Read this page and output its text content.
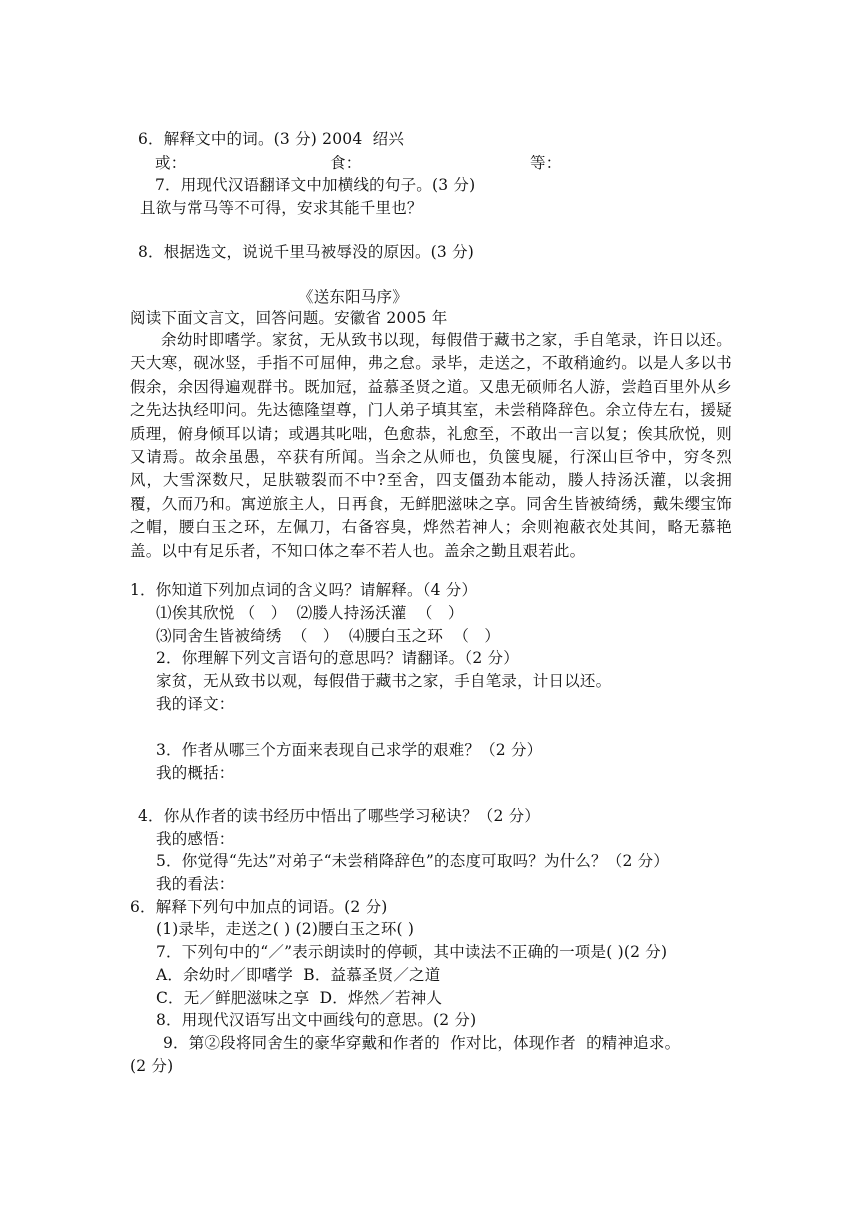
6．解释文中的词。(3 分) 2004  绍兴
或：	食：	等：
7．用现代汉语翻译文中加横线的句子。(3 分)
且欲与常马等不可得，安求其能千里也？
8．根据选文，说说千里马被辱没的原因。(3 分)
《送东阳马序》
阅读下面文言文，回答问题。安徽省 2005 年
余幼时即嗜学。家贫，无从致书以现，每假借于藏书之家，手自笔录，许日以还。天大寒，砚冰竖，手指不可屈伸，弗之怠。录毕，走送之，不敢稍逾约。以是人多以书假余，余因得遍观群书。既加冠，益慕圣贤之道。又患无硕师名人游，尝趋百里外从乡之先达执经叩问。先达德隆望尊，门人弟子填其室，未尝稍降辞色。余立侍左右，援疑质理，俯身倾耳以请；或遇其叱咄，色愈恭，礼愈至，不敢出一言以复；俟其欣悦，则又请焉。故余虽愚，卒获有所闻。当余之从师也，负箧曳屣，行深山巨爷中，穷冬烈风，大雪深数尺，足肤皲裂而不中?至舍，四支僵劲本能动，媵人持汤沃灌，以衾拥覆，久而乃和。寓逆旅主人，日再食，无鲜肥滋味之享。同舍生皆被绮绣，戴朱缨宝饰之帽，腰白玉之环，左佩刀，右备容臭，烨然若神人；余则袍蔽衣处其间，略无慕艳盖。以中有足乐者，不知口体之奉不若人也。盖余之勤且艰若此。
1．你知道下列加点词的含义吗？请解释。（4 分）
⑴俟其欣悦 （   ）  ⑵媵人持汤沃灌  （   ）
⑶同舍生皆被绮绣  （   ）  ⑷腰白玉之环  （   ）
2．你理解下列文言语句的意思吗？请翻译。（2 分）
家贫，无从致书以观，每假借于藏书之家，手自笔录，计日以还。
我的译文：
3．作者从哪三个方面来表现自己求学的艰难？（2 分）
我的概括：
4．你从作者的读书经历中悟出了哪些学习秘诀？（2 分）
我的感悟：
5．你觉得“先达”对弟子“未尝稍降辞色”的态度可取吗？为什么？（2 分）
我的看法：
6．解释下列句中加点的词语。(2 分)
(1)录毕，走送之( ) (2)腰白玉之环( )
7．下列句中的“／”表示朗读时的停顿，其中读法不正确的一项是( )(2 分)
A．余幼时／即嗜学  B．益慕圣贤／之道
C．无／鲜肥滋味之享  D．烨然／若神人
8．用现代汉语写出文中画线句的意思。(2 分)
9．第②段将同舍生的豪华穿戴和作者的  作对比，体现作者  的精神追求。
(2 分)
